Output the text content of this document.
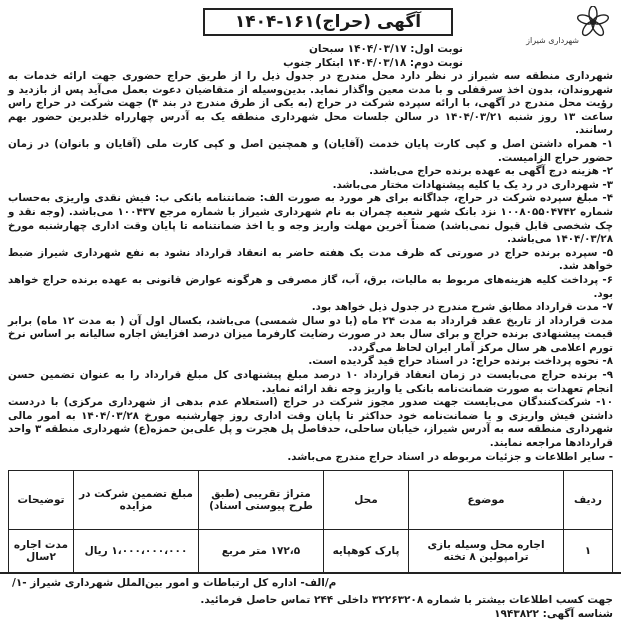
شهرداری شیراز
آگهی (حراج)۱۶۱-۱۴۰۴
نوبت اول: ۱۴۰۴/۰۳/۱۷ سبحان
نوبت دوم: ۱۴۰۴/۰۳/۱۸ ابتکار جنوب

شهرداری منطقه سه شیراز در نظر دارد محل مندرج در جدول ذیل را از طریق حراج حضوری جهت ارائه خدمات به شهروندان، بدون اخذ سرقفلی و با مدت معین واگذار نماید. بدین‌وسیله از متقاضیان دعوت بعمل می‌آید پس از بازدید و رؤیت محل مندرج در آگهی، با ارائه سپرده شرکت در حراج (به یکی از طرق مندرج در بند ۴) جهت شرکت در حراج راس ساعت ۱۳ روز شنبه ۱۴۰۴/۰۳/۲۱ در سالن جلسات محل شهرداری منطقه یک به آدرس چهارراه خلدبرین حضور بهم رسانند.

۱- همراه داشتن اصل و کپی کارت پایان خدمت (آقایان) و همچنین اصل و کپی کارت ملی (آقایان و بانوان) در زمان حضور حراج الزامیست.

۲- هزینه درج آگهی به عهده برنده حراج می‌باشد.

۳- شهرداری در رد یک یا کلیه پیشنهادات مختار می‌باشد.

۴- مبلغ سپرده شرکت در حراج، جداگانه برای هر مورد به صورت الف: ضمانتنامه بانکی ب: فیش نقدی واریزی به‌حساب شماره ۱۰۰۸۰۵۵۰۴۷۴۲ نزد بانک شهر شعبه چمران به نام شهرداری شیراز با شماره مرجع ۱۰۰۴۳۷ می‌باشد. (وجه نقد و چک شخصی قابل قبول نمی‌باشد) ضمناً آخرین مهلت واریز وجه و یا اخذ ضمانتنامه تا پایان وقت اداری چهارشنبه مورخ ۱۴۰۴/۰۳/۲۸ می‌باشد.

۵- سپرده برنده حراج در صورتی که ظرف مدت یک هفته حاضر به انعقاد قرارداد نشود به نفع شهرداری شیراز ضبط خواهد شد.

۶- پرداخت کلیه هزینه‌های مربوط به مالیات، برق، آب، گاز مصرفی و هرگونه عوارض قانونی به عهده برنده حراج خواهد بود.

۷- مدت قرارداد مطابق شرح مندرج در جدول ذیل خواهد بود.

مدت قرارداد از تاریخ عقد قرارداد به مدت ۲۴ ماه (با دو سال شمسی) می‌باشد، بکسال اول آن ( به مدت ۱۲ ماه) برابر قیمت پیشنهادی برنده حراج و برای سال بعد در صورت رضایت کارفرما میزان درصد افزایش اجاره سالیانه بر اساس نرخ تورم اعلامی هر سال مرکز آمار ایران لحاظ می‌گردد.

۸- نحوه پرداخت برنده حراج: در اسناد حراج قید گردیده است.

۹- برنده حراج می‌بایست در زمان انعقاد قرارداد ۱۰ درصد مبلغ پیشنهادی کل مبلغ قرارداد را به عنوان تضمین حسن انجام تعهدات به صورت ضمانت‌نامه بانکی یا واریز وجه نقد ارائه نماید.

۱۰- شرکت‌کنندگان می‌بایست جهت صدور مجوز شرکت در حراج (استعلام عدم بدهی از شهرداری مرکزی) با دردست داشتن فیش واریزی و یا ضمانت‌نامه خود حداکثر تا پایان وقت اداری روز چهارشنبه مورخ ۱۴۰۴/۰۳/۲۸ به امور مالی شهرداری منطقه سه به آدرس شیراز، خیابان ساحلی، حدفاصل پل هجرت و پل علی‌بن حمزه(ع) شهرداری منطقه ۳ واحد قراردادها مراجعه نمایند.

- سایر اطلاعات و جزئیات مربوطه در اسناد حراج مندرج می‌باشد.

ردیف	موضوع	محل	متراژ تقریبی (طبق طرح پیوستی اسناد)	مبلغ تضمین شرکت در مزایده	توضیحات
۱	اجاره محل وسیله بازی ترامپولین ۸ تخته	پارک کوهپایه	۱۷۲،۵ متر مربع	۱،۰۰۰،۰۰۰،۰۰۰ ریال	مدت اجاره ۲سال
جهت کسب اطلاعات بیشتر با شماره ۳۲۲۶۳۲۰۸ داخلی ۲۴۴ تماس حاصل فرمائید.
شناسه آگهی: ۱۹۴۳۸۲۲
م/الف- اداره کل ارتباطات و امور بین‌الملل شهرداری شیراز -۱/
